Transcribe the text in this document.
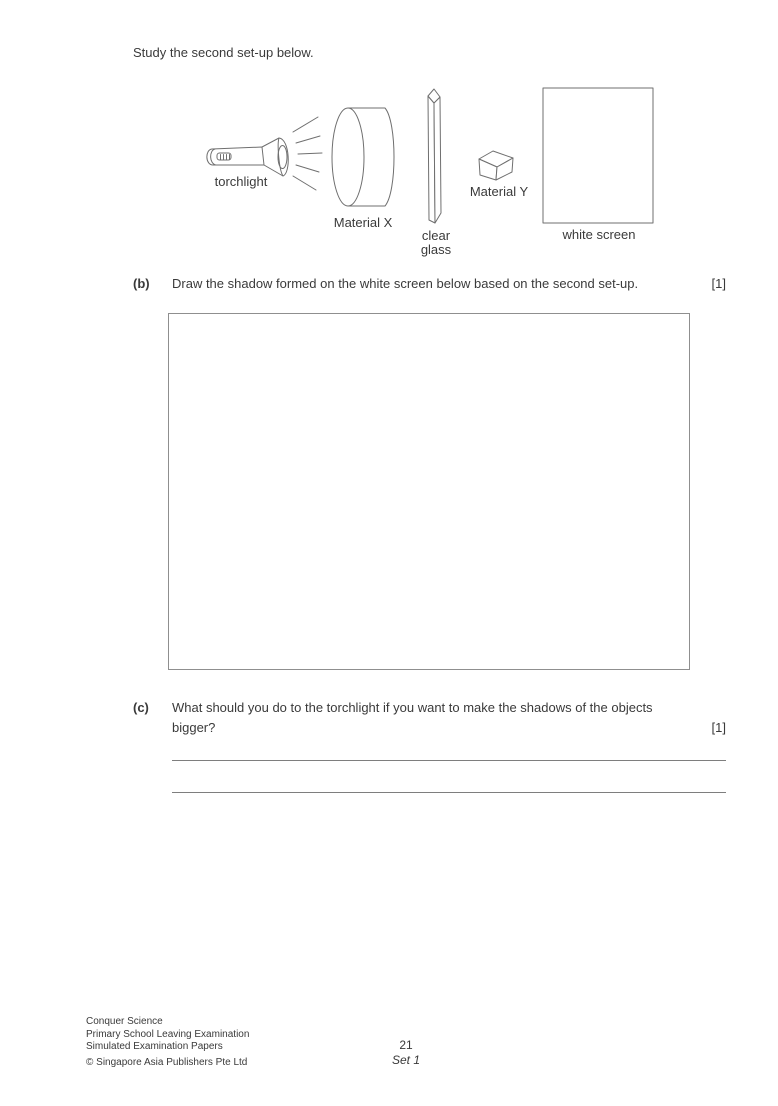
Study the second set-up below.
torchlight
Material X
clear
glass
Material Y
white screen
(b)	Draw the shadow formed on the white screen below based on the second set-up.	[1]
(c)	What should you do to the torchlight if you want to make the shadows of the objects
bigger?	[1]
Conquer Science
Primary School Leaving Examination
Simulated Examination Papers
© Singapore Asia Publishers Pte Ltd
21
Set 1
